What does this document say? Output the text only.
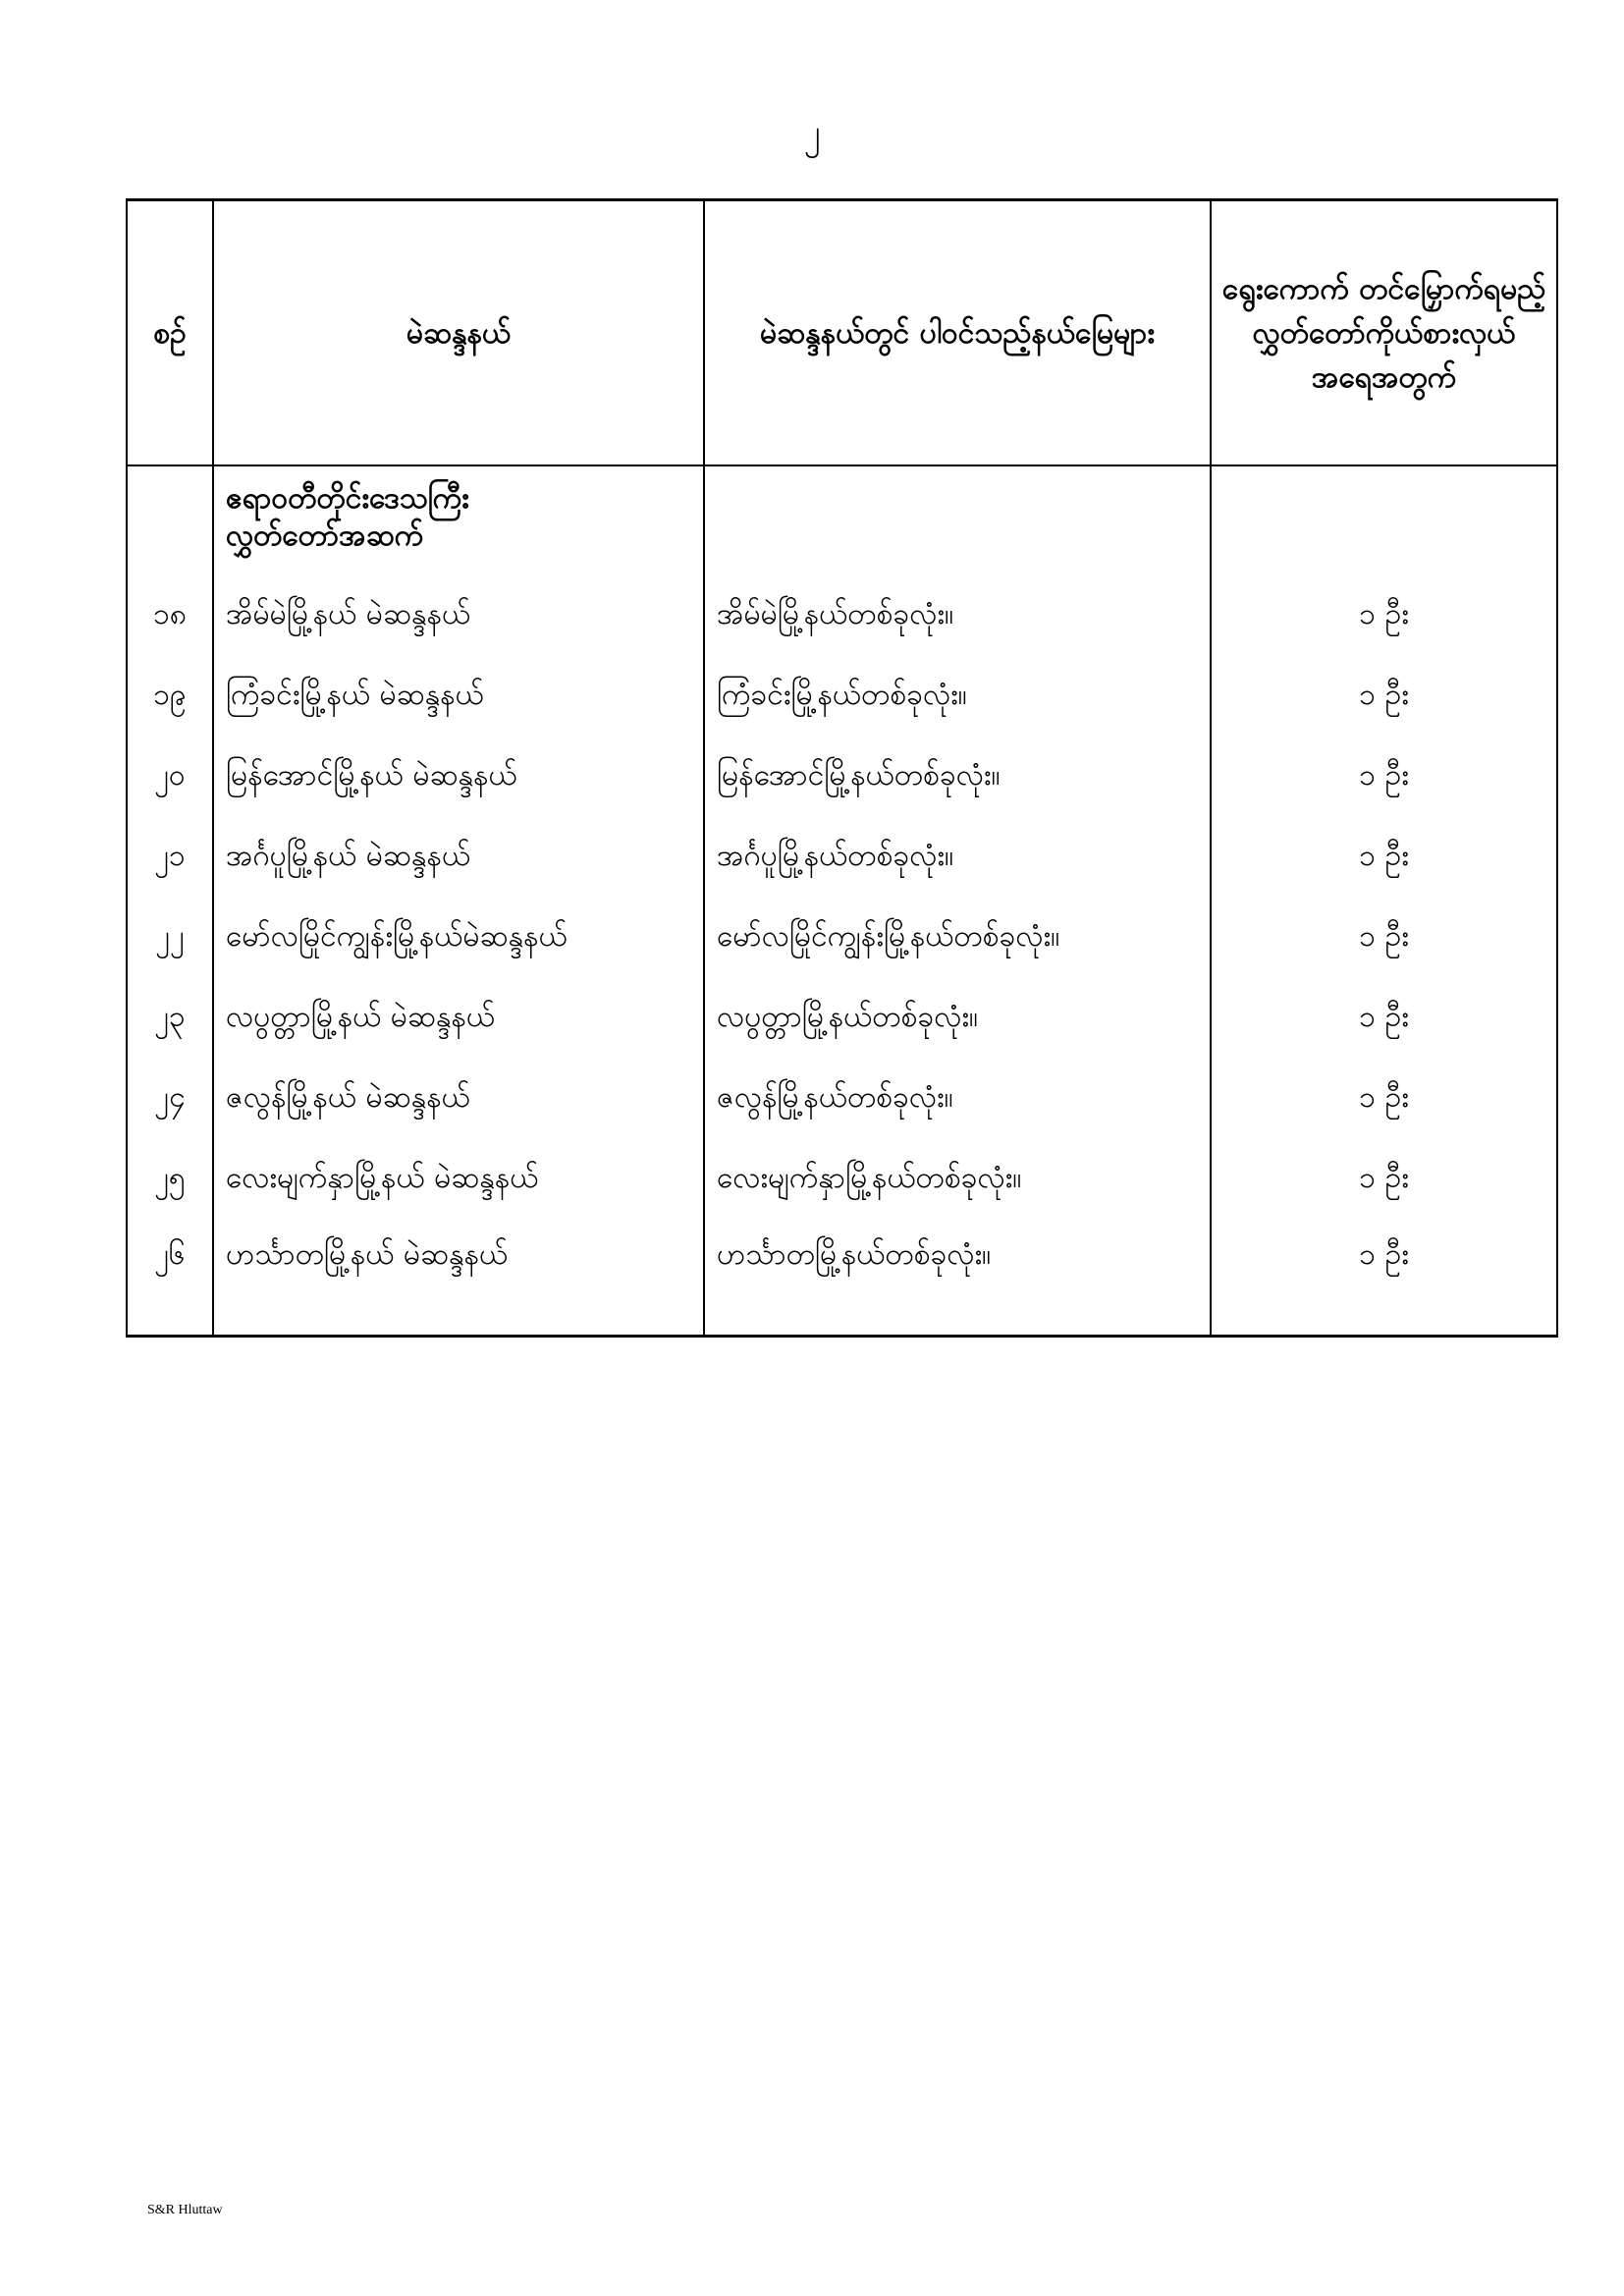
၂
စဉ်	မဲဆန္ဒနယ်	မဲဆန္ဒနယ်တွင် ပါဝင်သည့်နယ်မြေများ	ရွေးကောက် တင်မြှောက်ရမည့် လွှတ်တော်ကိုယ်စားလှယ် အရေအတွက်

	ဧရာဝတီတိုင်းဒေသကြီး
လွှတ်တော်အဆက်		

၁၈	အိမ်မဲမြို့နယ် မဲဆန္ဒနယ်	အိမ်မဲမြို့နယ်တစ်ခုလုံး။	၁ ဦး
၁၉	ကြံခင်းမြို့နယ် မဲဆန္ဒနယ်	ကြံခင်းမြို့နယ်တစ်ခုလုံး။	၁ ဦး
၂၀	မြန်အောင်မြို့နယ် မဲဆန္ဒနယ်	မြန်အောင်မြို့နယ်တစ်ခုလုံး။	၁ ဦး
၂၁	အင်္ဂပူမြို့နယ် မဲဆန္ဒနယ်	အင်္ဂပူမြို့နယ်တစ်ခုလုံး။	၁ ဦး
၂၂	မော်လမြိုင်ကျွန်းမြို့နယ်မဲဆန္ဒနယ်	မော်လမြိုင်ကျွန်းမြို့နယ်တစ်ခုလုံး။	၁ ဦး
၂၃	လပွတ္တာမြို့နယ် မဲဆန္ဒနယ်	လပွတ္တာမြို့နယ်တစ်ခုလုံး။	၁ ဦး
၂၄	ဇလွန်မြို့နယ် မဲဆန္ဒနယ်	ဇလွန်မြို့နယ်တစ်ခုလုံး။	၁ ဦး
၂၅	လေးမျက်နှာမြို့နယ် မဲဆန္ဒနယ်	လေးမျက်နှာမြို့နယ်တစ်ခုလုံး။	၁ ဦး
၂၆	ဟင်္သာတမြို့နယ် မဲဆန္ဒနယ်	ဟင်္သာတမြို့နယ်တစ်ခုလုံး။	၁ ဦး
S&R Hluttaw
